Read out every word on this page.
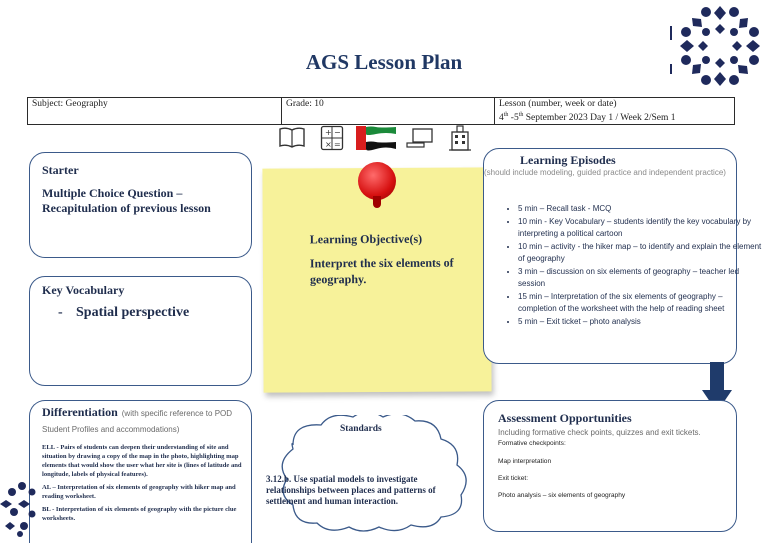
AGS Lesson Plan
Subject: Geography	Grade: 10	Lesson (number, week or date)
4th -5th September 2023 Day 1 / Week 2/Sem 1
+ −
× =
Starter
Multiple Choice Question – Recapitulation of previous lesson
Key Vocabulary
- Spatial perspective
Differentiation (with specific reference to POD Student Profiles and accommodations)
ELL - Pairs of students can deepen their understanding of site and situation by drawing a copy of the map in the photo, highlighting map elements that would show the user what her site is (lines of latitude and longitude, labels of physical features).
AL – Interpretation of six elements of geography with hiker map and reading worksheet.
BL - Interpretation of six elements of geography with the picture clue worksheets.
Learning Objective(s)
Interpret the six elements of geography.
Standards
3.12.b. Use spatial models to investigate relationships between places and patterns of settlement and human interaction.
Learning Episodes
(should include modeling, guided practice and independent practice)
• 5 min – Recall task - MCQ
• 10 min - Key Vocabulary – students identify the key vocabulary by interpreting a political cartoon
• 10 min – activity - the hiker map – to identify and explain the element of geography
• 3 min – discussion on six elements of geography – teacher led session
• 15 min – Interpretation of the six elements of geography – completion of the worksheet with the help of reading sheet
• 5 min – Exit ticket – photo analysis
Assessment Opportunities
Including formative check points, quizzes and exit tickets.
Formative checkpoints:
Map interpretation
Exit ticket:
Photo analysis – six elements of geography
